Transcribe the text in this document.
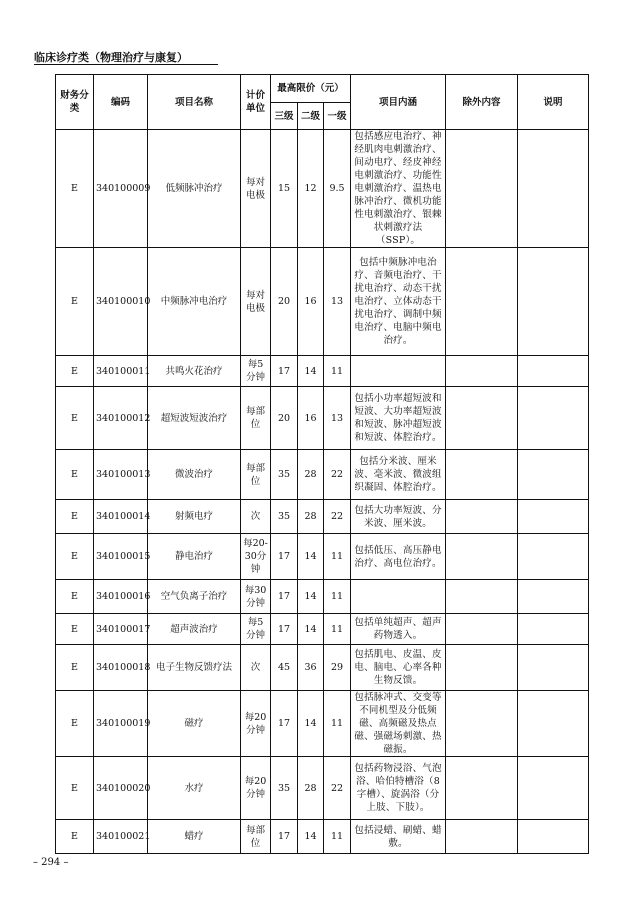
临床诊疗类（物理治疗与康复）
财务分类	编码	项目名称	计价单位	最高限价（元）			项目内涵	除外内容	说明
				三级	二级	一级			
E	340100009	低频脉冲治疗	每对电极	15	12	9.5	包括感应电治疗、神经肌肉电刺激治疗、间动电疗、经皮神经电刺激治疗、功能性电刺激治疗、温热电脉冲治疗、微机功能性电刺激治疗、银棘状刺激疗法（SSP）。		
E	340100010	中频脉冲电治疗	每对电极	20	16	13	包括中频脉冲电治疗、音频电治疗、干扰电治疗、动态干扰电治疗、立体动态干扰电治疗、调制中频电治疗、电脑中频电治疗。		
E	340100011	共鸣火花治疗	每5分钟	17	14	11			
E	340100012	超短波短波治疗	每部位	20	16	13	包括小功率超短波和短波、大功率超短波和短波、脉冲超短波和短波、体腔治疗。		
E	340100013	微波治疗	每部位	35	28	22	包括分米波、厘米波、毫米波、微波组织凝固、体腔治疗。		
E	340100014	射频电疗	次	35	28	22	包括大功率短波、分米波、厘米波。		
E	340100015	静电治疗	每20-30分钟	17	14	11	包括低压、高压静电治疗、高电位治疗。		
E	340100016	空气负离子治疗	每30分钟	17	14	11			
E	340100017	超声波治疗	每5分钟	17	14	11	包括单纯超声、超声药物透入。		
E	340100018	电子生物反馈疗法	次	45	36	29	包括肌电、皮温、皮电、脑电、心率各种生物反馈。		
E	340100019	磁疗	每20分钟	17	14	11	包括脉冲式、交变等不同机型及分低频磁、高频磁及热点磁、强磁场刺激、热磁振。		
E	340100020	水疗	每20分钟	35	28	22	包括药物浸浴、气泡浴、哈伯特槽浴（8字槽）、旋涡浴（分上肢、下肢）。		
E	340100021	蜡疗	每部位	17	14	11	包括浸蜡、刷蜡、蜡敷。		
– 294 –
